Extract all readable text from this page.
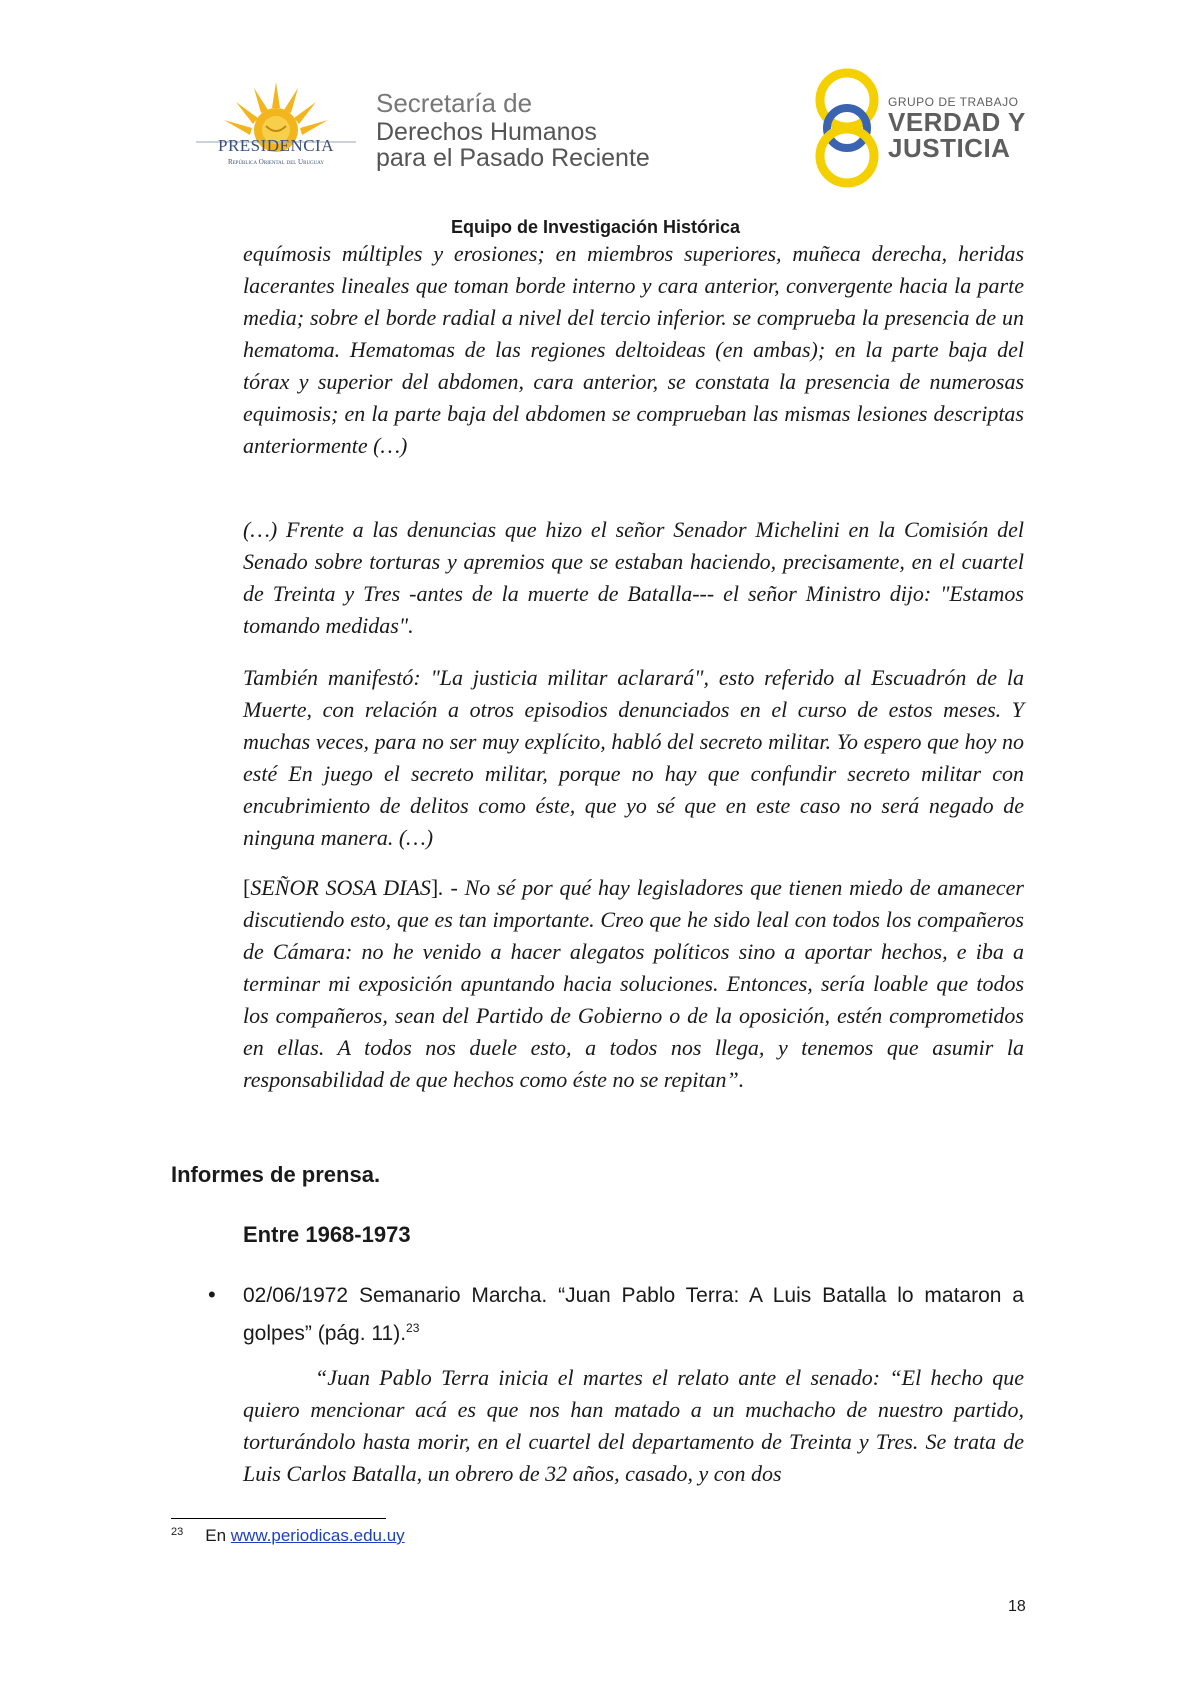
PRESIDENCIA
República Oriental del Uruguay
Secretaría de
Derechos Humanos
para el Pasado Reciente
GRUPO DE TRABAJO
VERDAD Y
JUSTICIA
Equipo de Investigación Histórica
equímosis múltiples y erosiones; en miembros superiores, muñeca derecha, heridas lacerantes lineales que toman borde interno y cara anterior, convergente hacia la parte media; sobre el borde radial a nivel del tercio inferior. se comprueba la presencia de un hematoma. Hematomas de las regiones deltoideas (en ambas); en la parte baja del tórax y superior del abdomen, cara anterior, se constata la presencia de numerosas equimosis; en la parte baja del abdomen se comprueban las mismas lesiones descriptas anteriormente (…)
(…) Frente a las denuncias que hizo el señor Senador Michelini en la Comisión del Senado sobre torturas y apremios que se estaban haciendo, precisamente, en el cuartel de Treinta y Tres -antes de la muerte de Batalla--- el señor Ministro dijo: "Estamos tomando medidas".
También manifestó: "La justicia militar aclarará", esto referido al Escuadrón de la Muerte, con relación a otros episodios denunciados en el curso de estos meses. Y muchas veces, para no ser muy explícito, habló del secreto militar. Yo espero que hoy no esté En juego el secreto militar, porque no hay que confundir secreto militar con encubrimiento de delitos como éste, que yo sé que en este caso no será negado de ninguna manera. (…)
[SEÑOR SOSA DIAS]. - No sé por qué hay legisladores que tienen miedo de amanecer discutiendo esto, que es tan importante. Creo que he sido leal con todos los compañeros de Cámara: no he venido a hacer alegatos políticos sino a aportar hechos, e iba a terminar mi exposición apuntando hacia soluciones. Entonces, sería loable que todos los compañeros, sean del Partido de Gobierno o de la oposición, estén comprometidos en ellas. A todos nos duele esto, a todos nos llega, y tenemos que asumir la responsabilidad de que hechos como éste no se repitan”.
Informes de prensa.
Entre 1968-1973
• 02/06/1972 Semanario Marcha. “Juan Pablo Terra: A Luis Batalla lo mataron a golpes” (pág. 11).$^{23}$
“Juan Pablo Terra inicia el martes el relato ante el senado: “El hecho que quiero mencionar acá es que nos han matado a un muchacho de nuestro partido, torturándolo hasta morir, en el cuartel del departamento de Treinta y Tres. Se trata de Luis Carlos Batalla, un obrero de 32 años, casado, y con dos
$^{23}$ En www.periodicas.edu.uy
18
